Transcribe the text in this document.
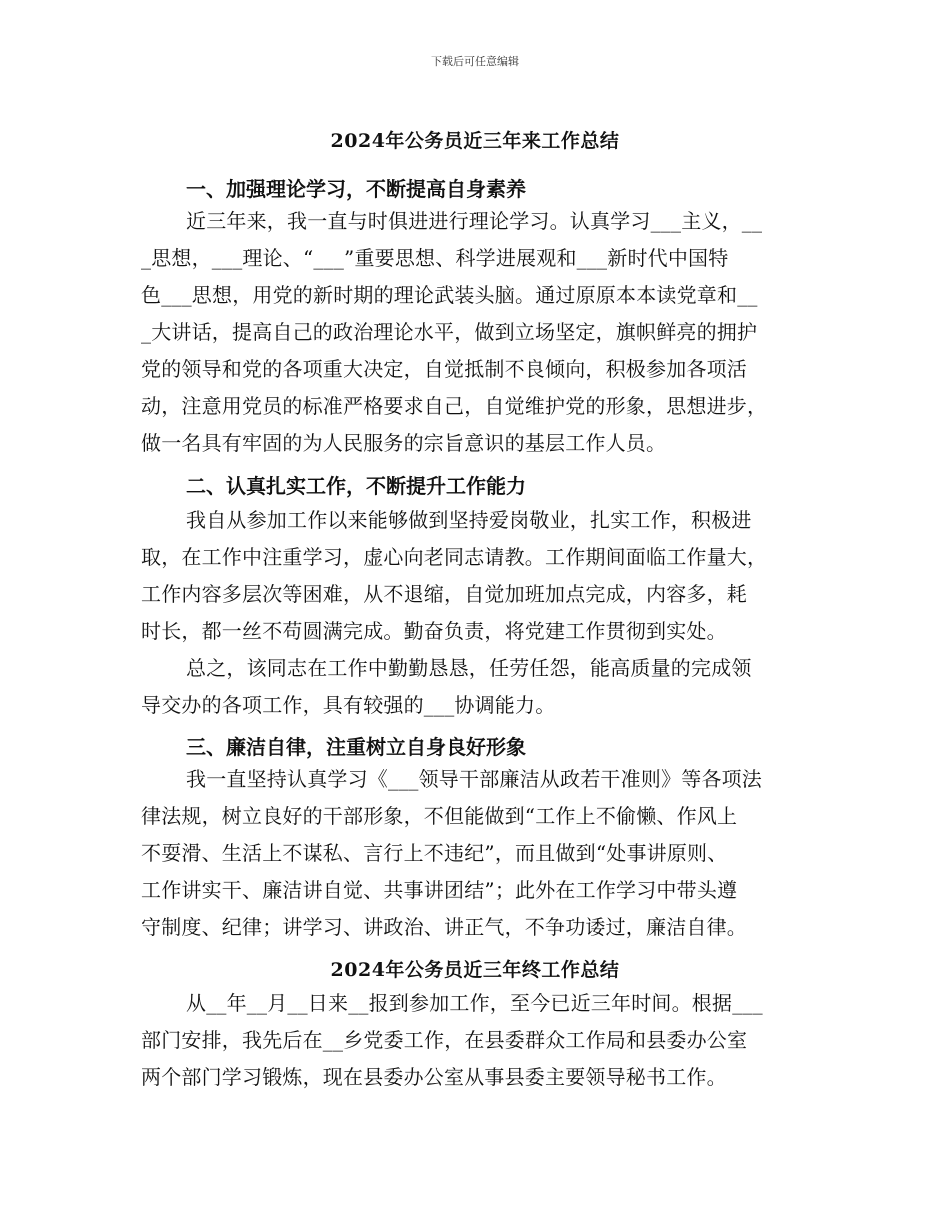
下载后可任意编辑
2024年公务员近三年来工作总结
一、加强理论学习，不断提高自身素养
近三年来，我一直与时俱进进行理论学习。认真学习___主义，__
_思想，___理论、“___”重要思想、科学进展观和___新时代中国特
色___思想，用党的新时期的理论武装头脑。通过原原本本读党章和__
_大讲话，提高自己的政治理论水平，做到立场坚定，旗帜鲜亮的拥护
党的领导和党的各项重大决定，自觉抵制不良倾向，积极参加各项活
动，注意用党员的标准严格要求自己，自觉维护党的形象，思想进步，
做一名具有牢固的为人民服务的宗旨意识的基层工作人员。
二、认真扎实工作，不断提升工作能力
我自从参加工作以来能够做到坚持爱岗敬业，扎实工作，积极进
取，在工作中注重学习，虚心向老同志请教。工作期间面临工作量大，
工作内容多层次等困难，从不退缩，自觉加班加点完成，内容多，耗
时长，都一丝不苟圆满完成。勤奋负责，将党建工作贯彻到实处。
总之，该同志在工作中勤勤恳恳，任劳任怨，能高质量的完成领
导交办的各项工作，具有较强的___协调能力。
三、廉洁自律，注重树立自身良好形象
我一直坚持认真学习《___领导干部廉洁从政若干准则》等各项法
律法规，树立良好的干部形象，不但能做到“工作上不偷懒、作风上
不耍滑、生活上不谋私、言行上不违纪”，而且做到“处事讲原则、
工作讲实干、廉洁讲自觉、共事讲团结”；此外在工作学习中带头遵
守制度、纪律；讲学习、讲政治、讲正气，不争功诿过，廉洁自律。
2024年公务员近三年终工作总结
从__年__月__日来__报到参加工作，至今已近三年时间。根据___
部门安排，我先后在__乡党委工作，在县委群众工作局和县委办公室
两个部门学习锻炼，现在县委办公室从事县委主要领导秘书工作。
